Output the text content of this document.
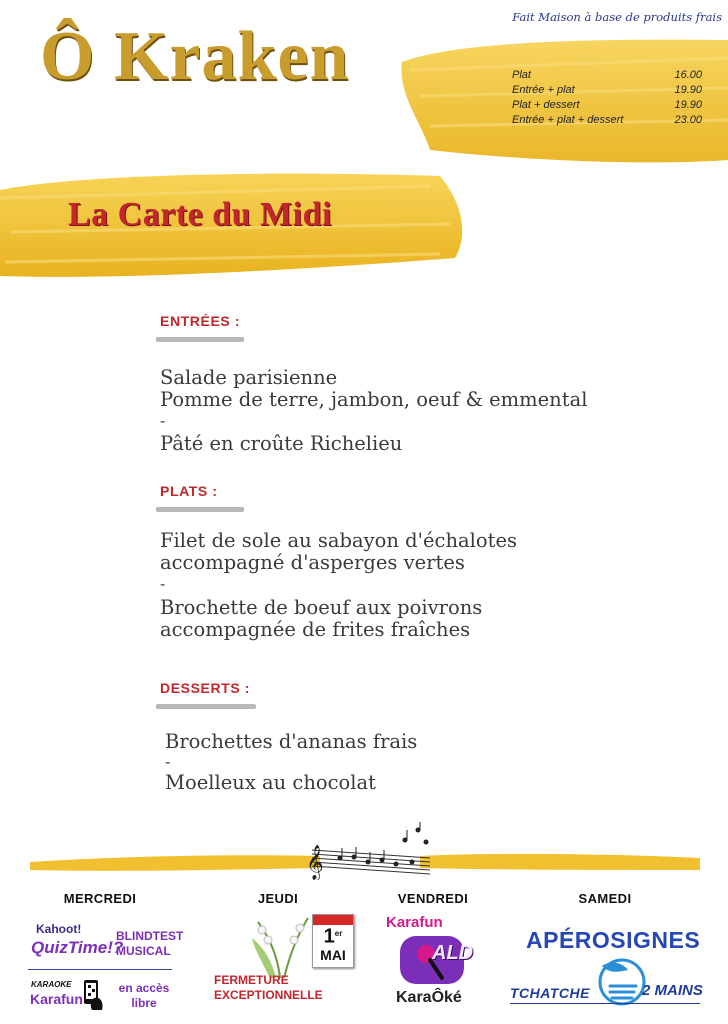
Ô Kraken
Fait Maison à base de produits frais
Plat	16.00
Entrée + plat	19.90
Plat + dessert	19.90
Entrée + plat + dessert	23.00
La Carte du Midi
ENTRÉES :
Salade parisienne
Pomme de terre, jambon, oeuf & emmental
-
Pâté en croûte Richelieu
PLATS :
Filet de sole au sabayon d'échalotes
accompagné d'asperges vertes
-
Brochette de boeuf aux poivrons
accompagnée de frites fraîches
DESSERTS :
Brochettes d'ananas frais
-
Moelleux au chocolat
𝄞
MERCREDI	JEUDI	VENDREDI	SAMEDI
Kahoot!
QuizTime!?
BLINDTEST
MUSICAL
KARAOKE
Karafun
en accès
libre
1er
MAI
FERMETURE
EXCEPTIONNELLE
Karafun
ALD
KaraÔké
APÉROSIGNES
TCHATCHE	2 MAINS
